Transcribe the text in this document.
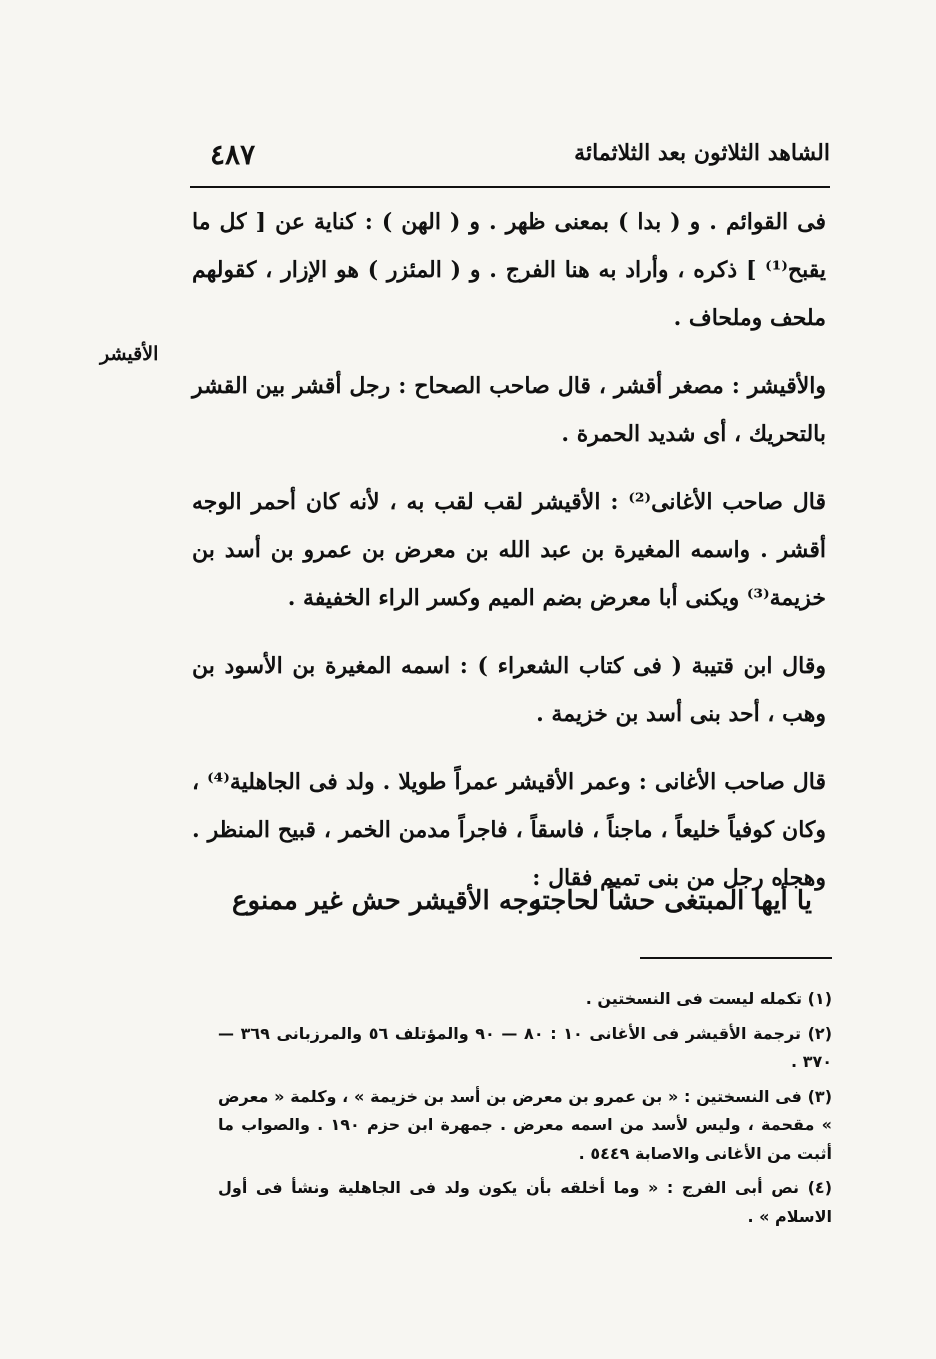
الشاهد الثلاثون بعد الثلاثمائة
٤٨٧
الأقيشر

فى القوائم . و ( بدا ) بمعنى ظهر . و ( الهن ) : كناية عن [ كل ما يقبح⁽¹⁾ ] ذكره ، وأراد به هنا الفرج . و ( المئزر ) هو الإزار ، كقولهم ملحف وملحاف .

والأقيشر : مصغر أقشر ، قال صاحب الصحاح : رجل أقشر بين القشر بالتحريك ، أى شديد الحمرة .

قال صاحب الأغانى⁽²⁾ : الأقيشر لقب لقب به ، لأنه كان أحمر الوجه أقشر . واسمه المغيرة بن عبد الله بن معرض بن عمرو بن أسد بن خزيمة⁽³⁾ ويكنى أبا معرض بضم الميم وكسر الراء الخفيفة .

وقال ابن قتيبة ( فى كتاب الشعراء ) : اسمه المغيرة بن الأسود بن وهب ، أحد بنى أسد بن خزيمة .

قال صاحب الأغانى : وعمر الأقيشر عمراً طويلا . ولد فى الجاهلية⁽⁴⁾ ، وكان كوفياً خليعاً ، ماجناً ، فاسقاً ، فاجراً مدمن الخمر ، قبيح المنظر . وهجاه رجل من بنى تميم فقال :

يا أيها المبتغى حشاً لحاجته
وجه الأقيشر حش غير ممنوع

(١) تكمله ليست فى النسختين .

(٢) ترجمة الأقيشر فى الأغانى ١٠ : ٨٠ — ٩٠ والمؤتلف ٥٦ والمرزبانى ٣٦٩ — ٣٧٠ .

(٣) فى النسختين : « بن عمرو بن معرض بن أسد بن خزيمة » ، وكلمة « معرض » مقحمة ، وليس لأسد من اسمه معرض . جمهرة ابن حزم ١٩٠ . والصواب ما أثبت من الأغانى والاصابة ٥٤٤٩ .

(٤) نص أبى الفرج : « وما أخلقه بأن يكون ولد فى الجاهلية ونشأ فى أول الاسلام » .
